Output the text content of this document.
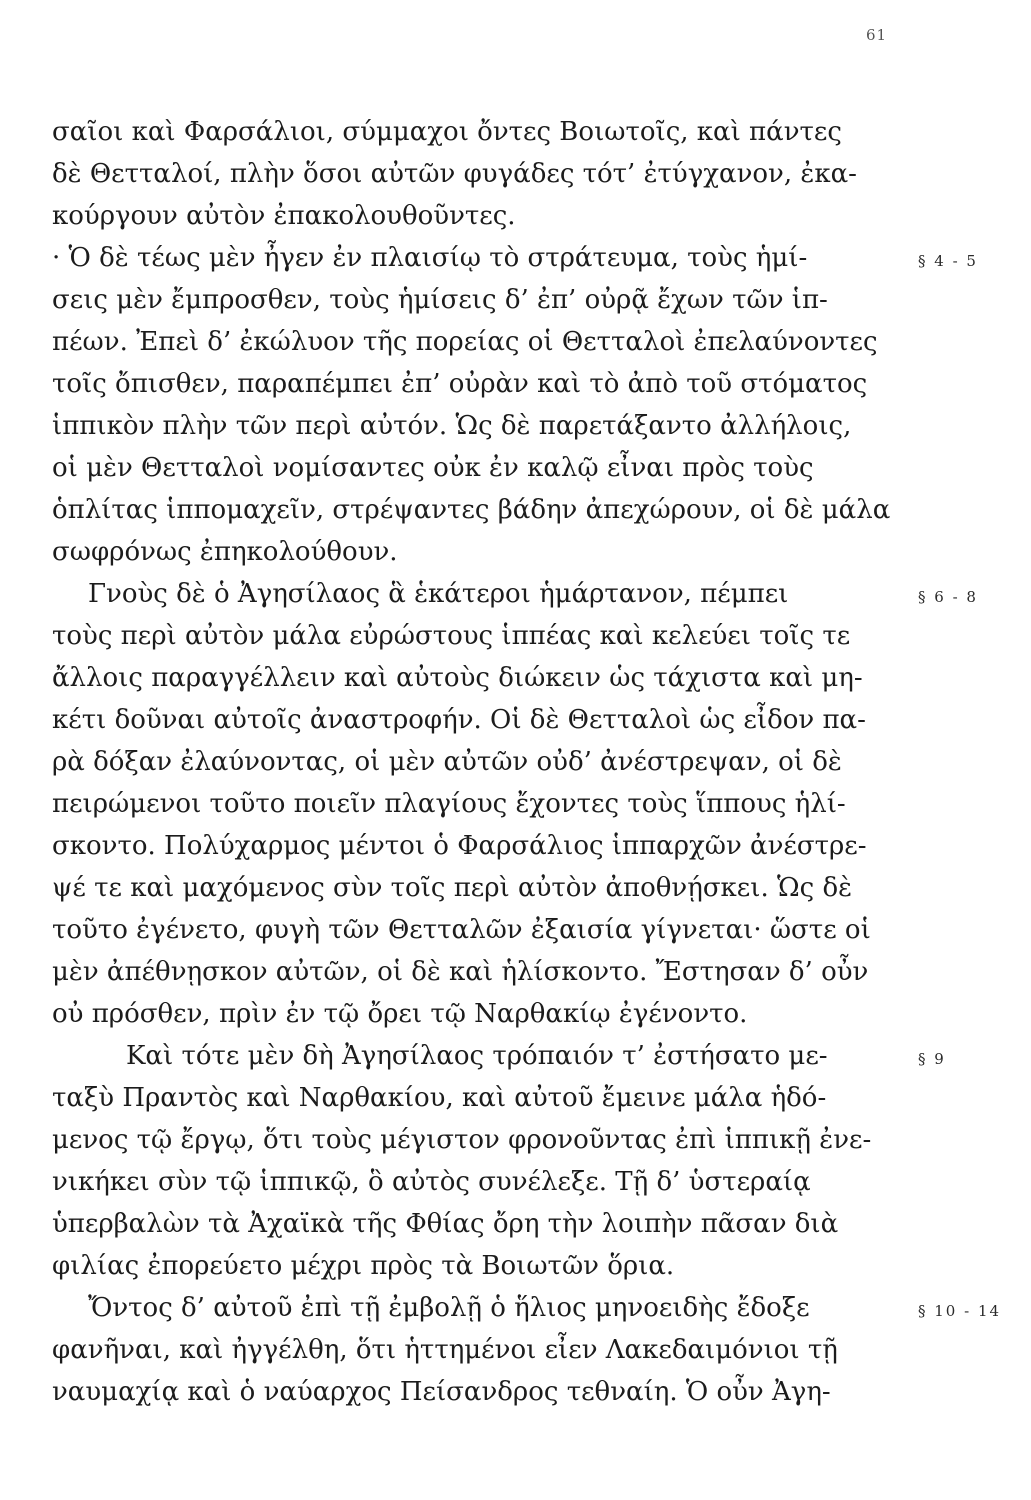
61
σαῖοι καὶ Φαρσάλιοι, σύμμαχοι ὄντες Βοιωτοῖς, καὶ πάντες
δὲ Θετταλοί, πλὴν ὅσοι αὐτῶν φυγάδες τότ’ ἐτύγχανον, ἐκα-
κούργουν αὐτὸν ἐπακολουθοῦντες.
· Ὁ δὲ τέως μὲν ἦγεν ἐν πλαισίῳ τὸ στράτευμα, τοὺς ἡμί-
σεις μὲν ἔμπροσθεν, τοὺς ἡμίσεις δ’ ἐπ’ οὐρᾷ ἔχων τῶν ἱπ-
πέων. Ἐπεὶ δ’ ἐκώλυον τῆς πορείας οἱ Θετταλοὶ ἐπελαύνοντες
τοῖς ὄπισθεν, παραπέμπει ἐπ’ οὐρὰν καὶ τὸ ἀπὸ τοῦ στόματος
ἱππικὸν πλὴν τῶν περὶ αὐτόν. Ὡς δὲ παρετάξαντο ἀλλήλοις,
οἱ μὲν Θετταλοὶ νομίσαντες οὐκ ἐν καλῷ εἶναι πρὸς τοὺς
ὁπλίτας ἱππομαχεῖν, στρέψαντες βάδην ἀπεχώρουν, οἱ δὲ μάλα
σωφρόνως ἐπηκολούθουν.
Γνοὺς δὲ ὁ Ἀγησίλαος ἃ ἑκάτεροι ἡμάρτανον, πέμπει
τοὺς περὶ αὐτὸν μάλα εὐρώστους ἱππέας καὶ κελεύει τοῖς τε
ἄλλοις παραγγέλλειν καὶ αὐτοὺς διώκειν ὡς τάχιστα καὶ μη-
κέτι δοῦναι αὐτοῖς ἀναστροφήν. Οἱ δὲ Θετταλοὶ ὡς εἶδον πα-
ρὰ δόξαν ἐλαύνοντας, οἱ μὲν αὐτῶν οὐδ’ ἀνέστρεψαν, οἱ δὲ
πειρώμενοι τοῦτο ποιεῖν πλαγίους ἔχοντες τοὺς ἵππους ἡλί-
σκοντο. Πολύχαρμος μέντοι ὁ Φαρσάλιος ἱππαρχῶν ἀνέστρε-
ψέ τε καὶ μαχόμενος σὺν τοῖς περὶ αὐτὸν ἀποθνῄσκει. Ὡς δὲ
τοῦτο ἐγένετο, φυγὴ τῶν Θετταλῶν ἐξαισία γίγνεται· ὥστε οἱ
μὲν ἀπέθνῃσκον αὐτῶν, οἱ δὲ καὶ ἡλίσκοντο. Ἔστησαν δ’ οὖν
οὐ πρόσθεν, πρὶν ἐν τῷ ὄρει τῷ Ναρθακίῳ ἐγένοντο.
Καὶ τότε μὲν δὴ Ἀγησίλαος τρόπαιόν τ’ ἐστήσατο με-
ταξὺ Πραντὸς καὶ Ναρθακίου, καὶ αὐτοῦ ἔμεινε μάλα ἡδό-
μενος τῷ ἔργῳ, ὅτι τοὺς μέγιστον φρονοῦντας ἐπὶ ἱππικῇ ἐνε-
νικήκει σὺν τῷ ἱππικῷ, ὃ αὐτὸς συνέλεξε. Τῇ δ’ ὑστεραίᾳ
ὑπερβαλὼν τὰ Ἀχαϊκὰ τῆς Φθίας ὄρη τὴν λοιπὴν πᾶσαν διὰ
φιλίας ἐπορεύετο μέχρι πρὸς τὰ Βοιωτῶν ὅρια.
Ὄντος δ’ αὐτοῦ ἐπὶ τῇ ἐμβολῇ ὁ ἥλιος μηνοειδὴς ἔδοξε
φανῆναι, καὶ ἠγγέλθη, ὅτι ἡττημένοι εἶεν Λακεδαιμόνιοι τῇ
ναυμαχίᾳ καὶ ὁ ναύαρχος Πείσανδρος τεθναίη. Ὁ οὖν Ἀγη-
§ 4 - 5
§ 6 - 8
§ 9
§ 10 - 14
